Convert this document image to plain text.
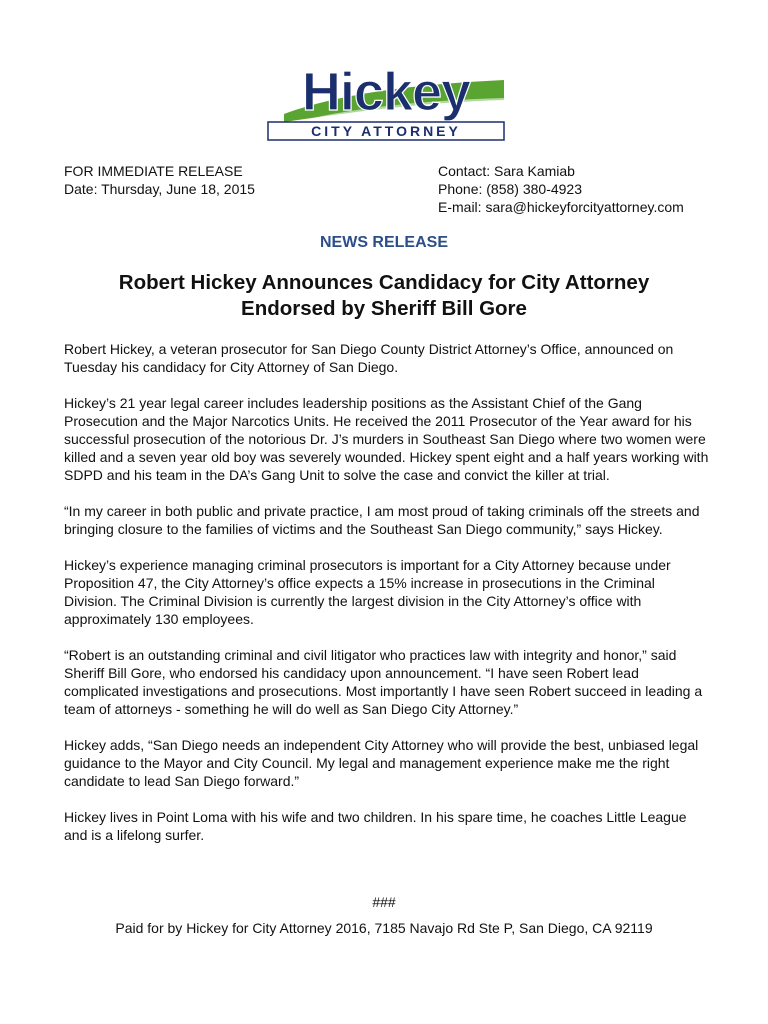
Hickey
CITY ATTORNEY
FOR IMMEDIATE RELEASE
Date: Thursday, June 18, 2015
Contact: Sara Kamiab
Phone: (858) 380-4923
E-mail: sara@hickeyforcityattorney.com
NEWS RELEASE
Robert Hickey Announces Candidacy for City Attorney
Endorsed by Sheriff Bill Gore

Robert Hickey, a veteran prosecutor for San Diego County District Attorney’s Office, announced on Tuesday his candidacy for City Attorney of San Diego.

Hickey’s 21 year legal career includes leadership positions as the Assistant Chief of the Gang Prosecution and the Major Narcotics Units. He received the 2011 Prosecutor of the Year award for his successful prosecution of the notorious Dr. J’s murders in Southeast San Diego where two women were killed and a seven year old boy was severely wounded. Hickey spent eight and a half years working with SDPD and his team in the DA’s Gang Unit to solve the case and convict the killer at trial.

“In my career in both public and private practice, I am most proud of taking criminals off the streets and bringing closure to the families of victims and the Southeast San Diego community,” says Hickey.

Hickey’s experience managing criminal prosecutors is important for a City Attorney because under Proposition 47, the City Attorney’s office expects a 15% increase in prosecutions in the Criminal Division. The Criminal Division is currently the largest division in the City Attorney’s office with approximately 130 employees.

“Robert is an outstanding criminal and civil litigator who practices law with integrity and honor,” said Sheriff Bill Gore, who endorsed his candidacy upon announcement. “I have seen Robert lead complicated investigations and prosecutions. Most importantly I have seen Robert succeed in leading a team of attorneys - something he will do well as San Diego City Attorney.”

Hickey adds, “San Diego needs an independent City Attorney who will provide the best, unbiased legal guidance to the Mayor and City Council. My legal and management experience make me the right candidate to lead San Diego forward.”

Hickey lives in Point Loma with his wife and two children. In his spare time, he coaches Little League and is a lifelong surfer.

###
Paid for by Hickey for City Attorney 2016, 7185 Navajo Rd Ste P, San Diego, CA 92119
